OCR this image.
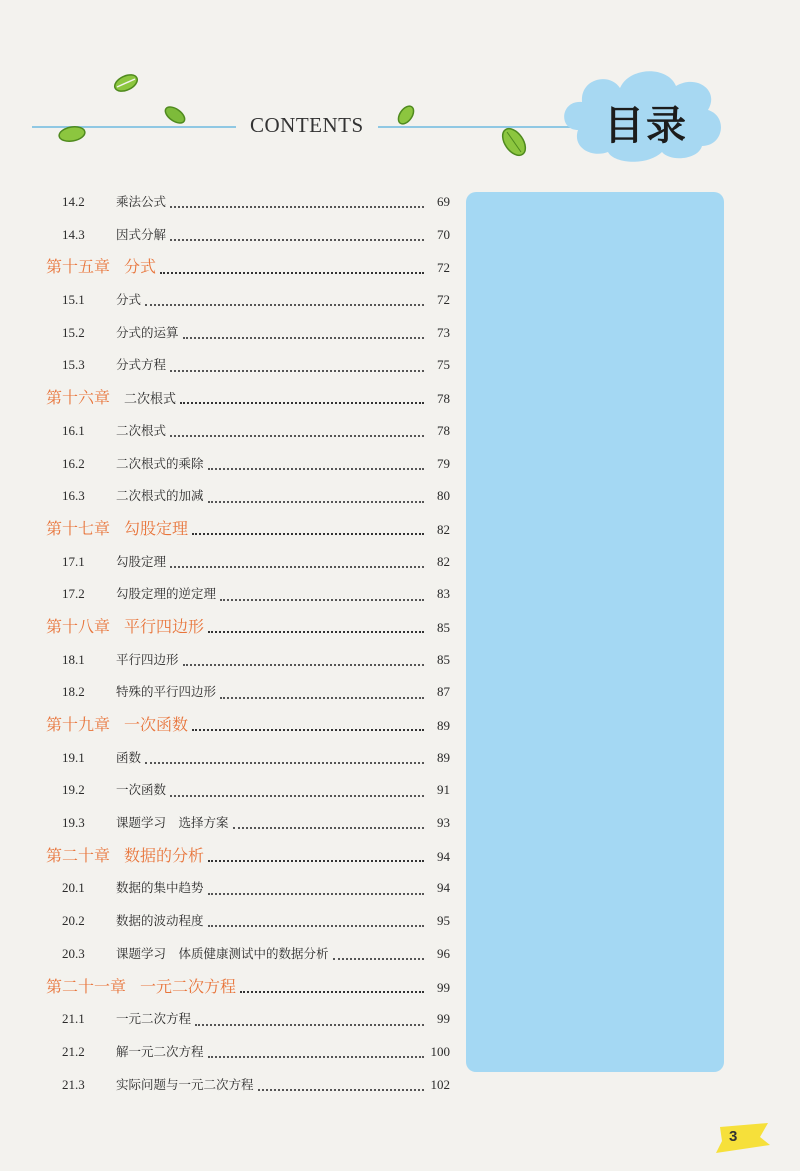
CONTENTS	目录
14.2	乘法公式	69
14.3	因式分解	70
第十五章 分式	72
15.1	分式	72
15.2	分式的运算	73
15.3	分式方程	75
第十六章 二次根式	78
16.1	二次根式	78
16.2	二次根式的乘除	79
16.3	二次根式的加减	80
第十七章 勾股定理	82
17.1	勾股定理	82
17.2	勾股定理的逆定理	83
第十八章 平行四边形	85
18.1	平行四边形	85
18.2	特殊的平行四边形	87
第十九章 一次函数	89
19.1	函数	89
19.2	一次函数	91
19.3	课题学习　选择方案	93
第二十章 数据的分析	94
20.1	数据的集中趋势	94
20.2	数据的波动程度	95
20.3	课题学习　体质健康测试中的数据分析	96
第二十一章 一元二次方程	99
21.1	一元二次方程	99
21.2	解一元二次方程	100
21.3	实际问题与一元二次方程	102
3
